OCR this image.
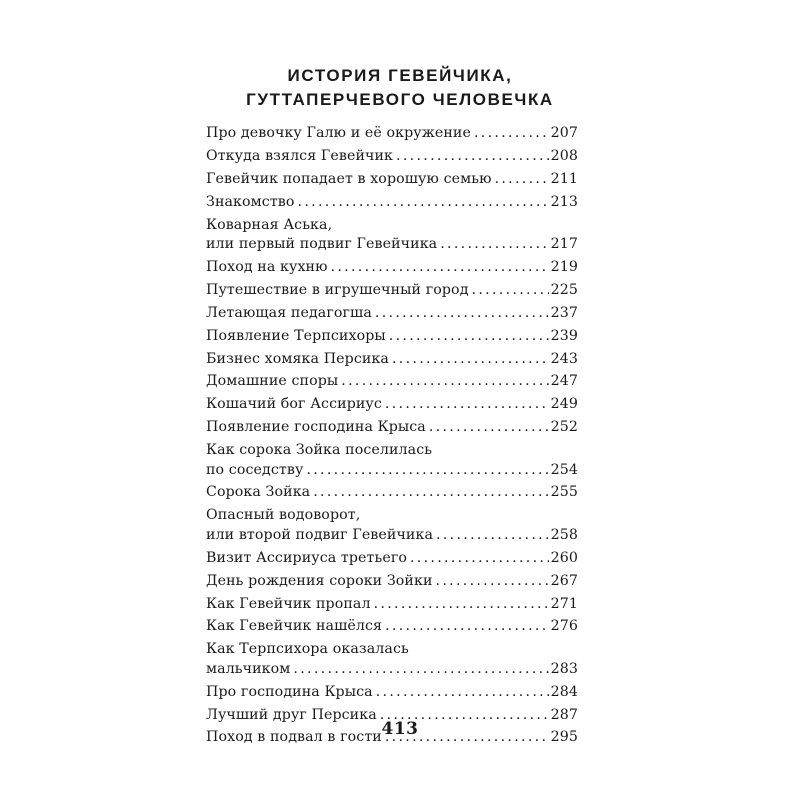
ИСТОРИЯ ГЕВЕЙЧИКА,
ГУТТАПЕРЧЕВОГО ЧЕЛОВЕЧКА
Про девочку Галю и её окружение .....	207
Откуда взялся Гевейчик .....	208
Гевейчик попадает в хорошую семью .....	211
Знакомство .....	213
Коварная Аська,
или первый подвиг Гевейчика .....	217
Поход на кухню .....	219
Путешествие в игрушечный город .....	225
Летающая педагогша .....	237
Появление Терпсихоры .....	239
Бизнес хомяка Персика .....	243
Домашние споры .....	247
Кошачий бог Ассириус .....	249
Появление господина Крыса .....	252
Как сорока Зойка поселилась
по соседству .....	254
Сорока Зойка .....	255
Опасный водоворот,
или второй подвиг Гевейчика .....	258
Визит Ассириуса третьего .....	260
День рождения сороки Зойки .....	267
Как Гевейчик пропал .....	271
Как Гевейчик нашёлся .....	276
Как Терпсихора оказалась
мальчиком .....	283
Про господина Крыса .....	284
Лучший друг Персика .....	287
Поход в подвал в гости .....	295
413
